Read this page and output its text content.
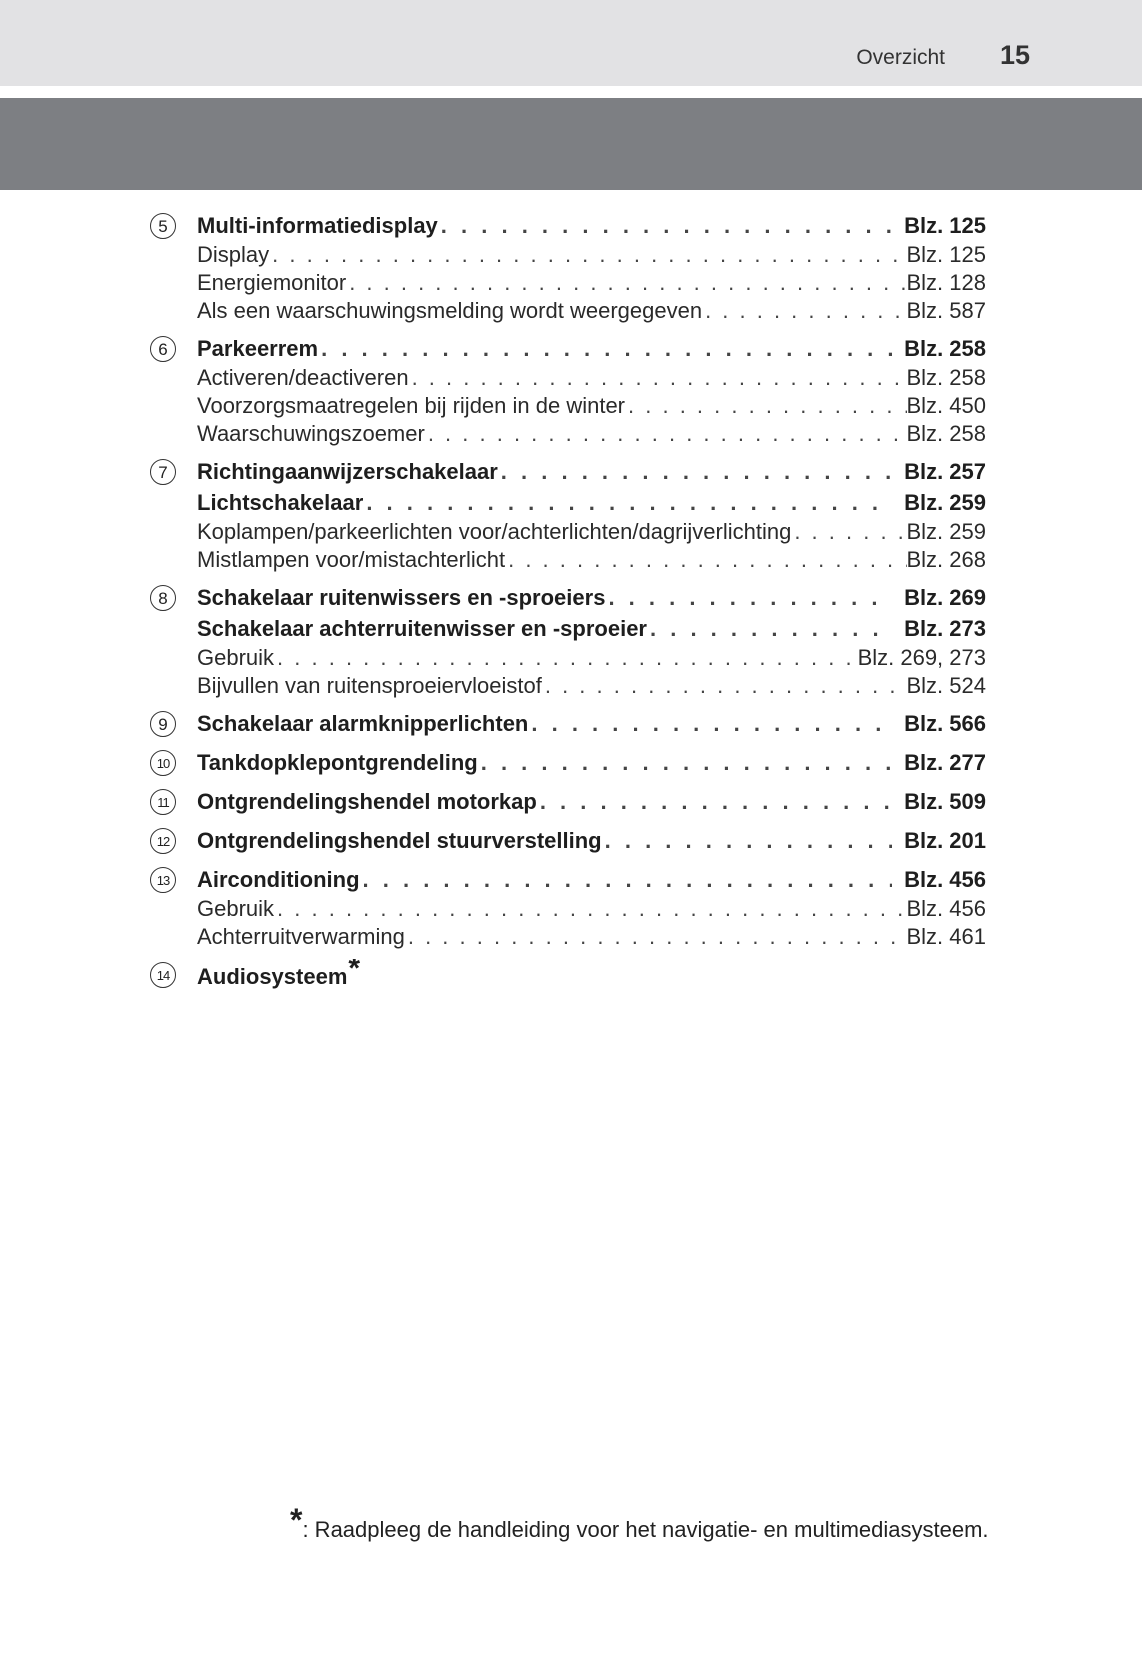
Overzicht 15
5	Multi-informatiedisplay . . .	Blz. 125
Display . . .	Blz. 125
Energiemonitor . . .	Blz. 128
Als een waarschuwingsmelding wordt weergegeven . . .	Blz. 587
6	Parkeerrem . . .	Blz. 258
Activeren/deactiveren . . .	Blz. 258
Voorzorgsmaatregelen bij rijden in de winter . . .	Blz. 450
Waarschuwingszoemer . . .	Blz. 258
7	Richtingaanwijzerschakelaar . . .	Blz. 257
Lichtschakelaar . . .	Blz. 259
Koplampen/parkeerlichten voor/achterlichten/dagrijverlichting . . .	Blz. 259
Mistlampen voor/mistachterlicht . . .	Blz. 268
8	Schakelaar ruitenwissers en -sproeiers . . .	Blz. 269
Schakelaar achterruitenwisser en -sproeier . . .	Blz. 273
Gebruik . . .	Blz. 269, 273
Bijvullen van ruitensproeiervloeistof . . .	Blz. 524
9	Schakelaar alarmknipperlichten . . .	Blz. 566
10	Tankdopklepontgrendeling . . .	Blz. 277
11	Ontgrendelingshendel motorkap . . .	Blz. 509
12	Ontgrendelingshendel stuurverstelling . . .	Blz. 201
13	Airconditioning . . .	Blz. 456
Gebruik . . .	Blz. 456
Achterruitverwarming . . .	Blz. 461
14	Audiosysteem *
*: Raadpleeg de handleiding voor het navigatie- en multimediasysteem.
